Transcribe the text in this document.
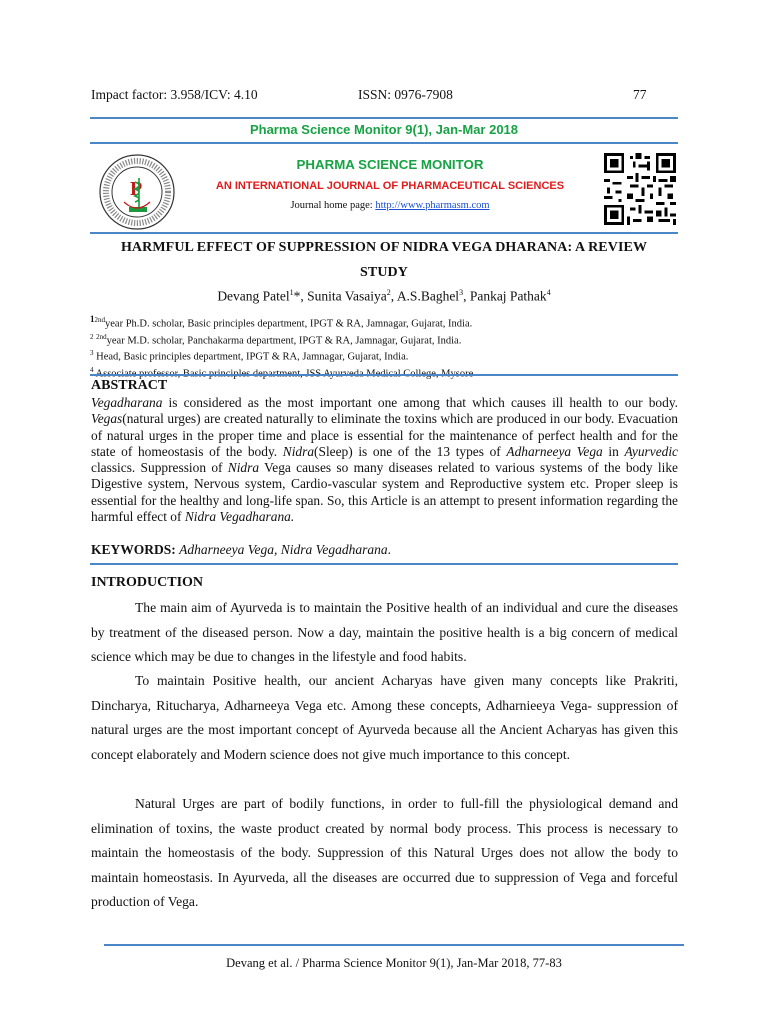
Impact factor: 3.958/ICV: 4.10	ISSN: 0976-7908	77
Pharma Science Monitor 9(1), Jan-Mar 2018
P
PHARMA SCIENCE MONITOR
AN INTERNATIONAL JOURNAL OF PHARMACEUTICAL SCIENCES
Journal home page: http://www.pharmasm.com
HARMFUL EFFECT OF SUPPRESSION OF NIDRA VEGA DHARANA: A REVIEW
STUDY
Devang Patel$^1$*, Sunita Vasaiya$^2$, A.S.Baghel$^3$, Pankaj Pathak$^4$
$^{12nd}$year Ph.D. scholar, Basic principles department, IPGT & RA, Jamnagar, Gujarat, India.
$^2$ $^{2nd}$year M.D. scholar, Panchakarma department, IPGT & RA, Jamnagar, Gujarat, India.
$^3$ Head, Basic principles department, IPGT & RA, Jamnagar, Gujarat, India.
$^4$
ABSTRACT
Vegadharana is considered as the most important one among that which causes ill health to our body. Vegas(natural urges) are created naturally to eliminate the toxins which are produced in our body. Evacuation of natural urges in the proper time and place is essential for the maintenance of perfect health and for the state of homeostasis of the body. Nidra(Sleep) is one of the 13 types of Adharneeya Vega in Ayurvedic classics. Suppression of Nidra Vega causes so many diseases related to various systems of the body like Digestive system, Nervous system, Cardio-vascular system and Reproductive system etc. Proper sleep is essential for the healthy and long-life span. So, this Article is an attempt to present information regarding the harmful effect of Nidra Vegadharana.
KEYWORDS: Adharneeya Vega, Nidra Vegadharana.
INTRODUCTION
The main aim of Ayurveda is to maintain the Positive health of an individual and cure the diseases by treatment of the diseased person. Now a day, maintain the positive health is a big concern of medical science which may be due to changes in the lifestyle and food habits.
To maintain Positive health, our ancient Acharyas have given many concepts like Prakriti, Dincharya, Ritucharya, Adharneeya Vega etc. Among these concepts, Adharnieeya Vega- suppression of natural urges are the most important concept of Ayurveda because all the Ancient Acharyas has given this concept elaborately and Modern science does not give much importance to this concept.
Natural Urges are part of bodily functions, in order to full-fill the physiological demand and elimination of toxins, the waste product created by normal body process. This process is necessary to maintain the homeostasis of the body. Suppression of this Natural Urges does not allow the body to maintain homeostasis. In Ayurveda, all the diseases are occurred due to suppression of Vega and forceful production of Vega.
Devang et al. / Pharma Science Monitor 9(1), Jan-Mar 2018, 77-83
